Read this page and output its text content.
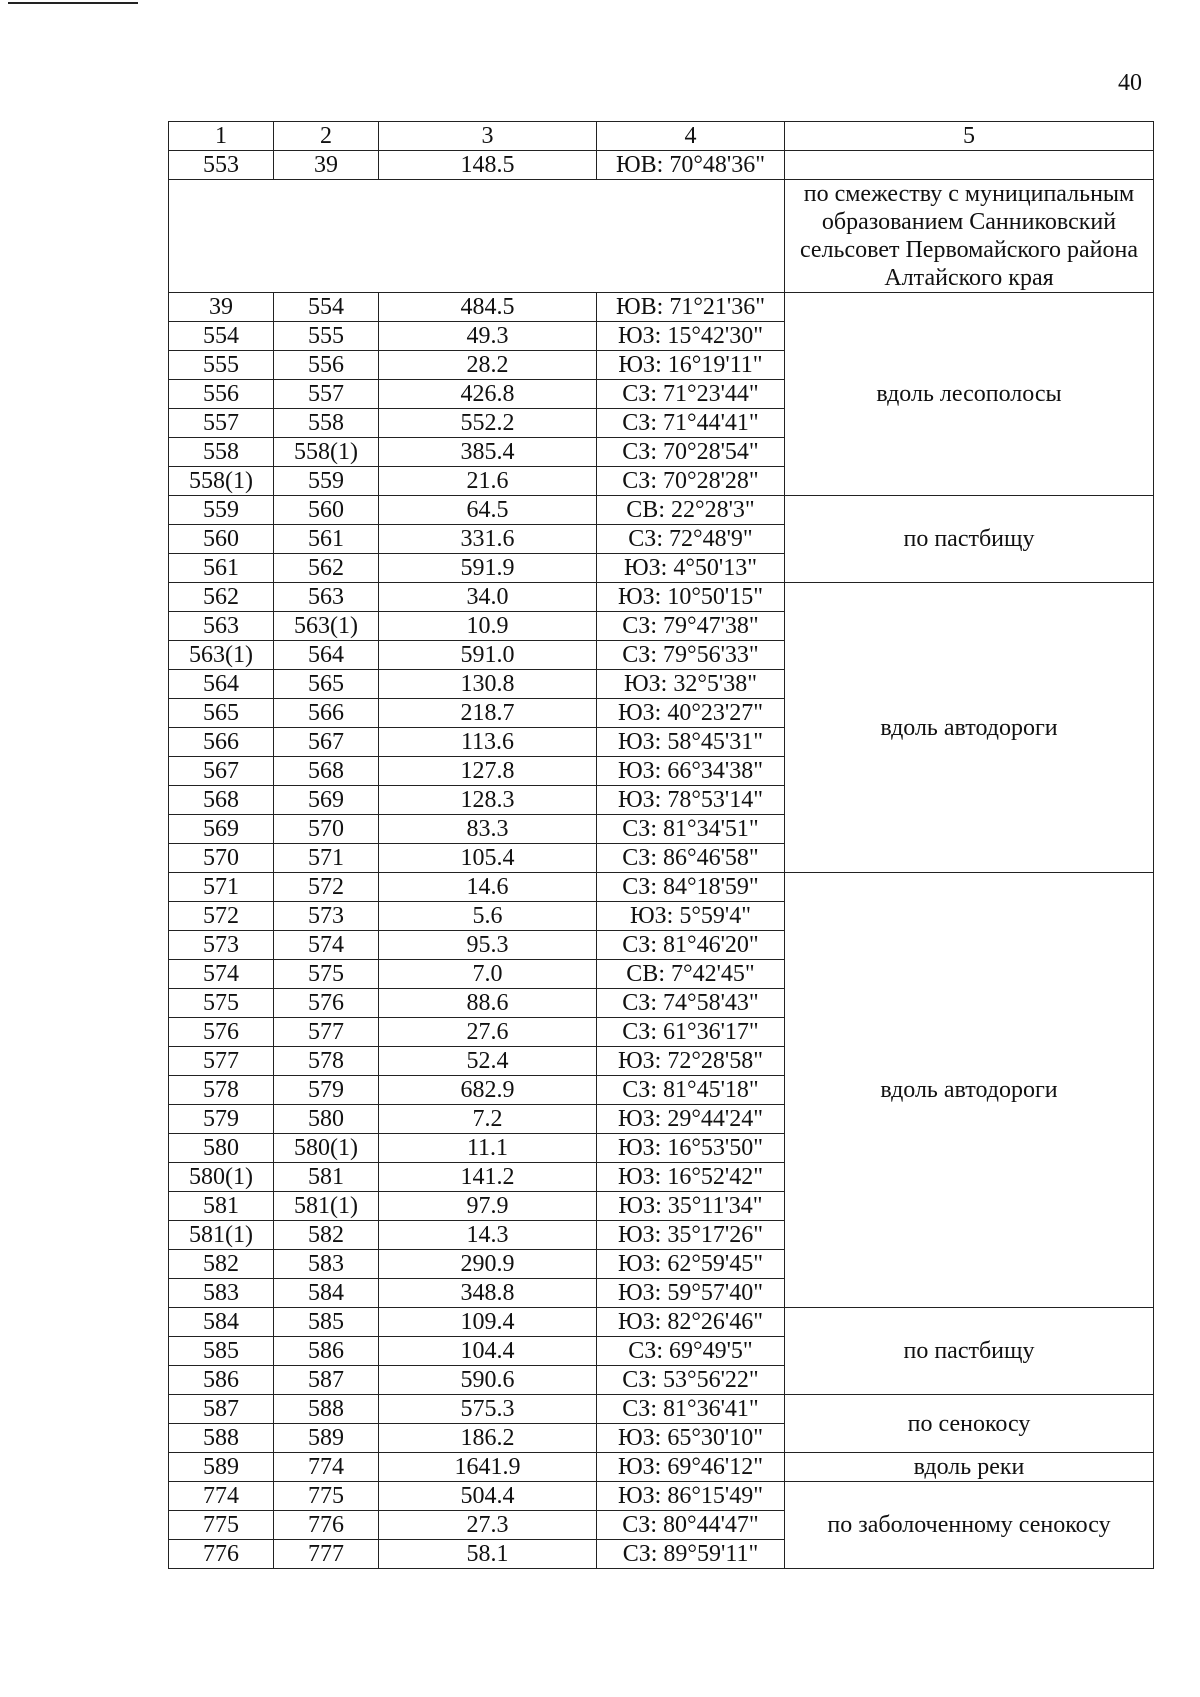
40
1	2	3	4	5
553	39	148.5	ЮВ: 70°48'36"	
				по смежеству с муниципальным образованием Санниковский сельсовет Первомайского района Алтайского края
39	554	484.5	ЮВ: 71°21'36"	вдоль лесополосы
554	555	49.3	ЮЗ: 15°42'30"	
555	556	28.2	ЮЗ: 16°19'11"	
556	557	426.8	СЗ: 71°23'44"	
557	558	552.2	СЗ: 71°44'41"	
558	558(1)	385.4	СЗ: 70°28'54"	
558(1)	559	21.6	СЗ: 70°28'28"	
559	560	64.5	СВ: 22°28'3"	по пастбищу
560	561	331.6	СЗ: 72°48'9"	
561	562	591.9	ЮЗ: 4°50'13"	
562	563	34.0	ЮЗ: 10°50'15"	вдоль автодороги
563	563(1)	10.9	СЗ: 79°47'38"	
563(1)	564	591.0	СЗ: 79°56'33"	
564	565	130.8	ЮЗ: 32°5'38"	
565	566	218.7	ЮЗ: 40°23'27"	
566	567	113.6	ЮЗ: 58°45'31"	
567	568	127.8	ЮЗ: 66°34'38"	
568	569	128.3	ЮЗ: 78°53'14"	
569	570	83.3	СЗ: 81°34'51"	
570	571	105.4	СЗ: 86°46'58"	
571	572	14.6	СЗ: 84°18'59"	вдоль автодороги
572	573	5.6	ЮЗ: 5°59'4"	
573	574	95.3	СЗ: 81°46'20"	
574	575	7.0	СВ: 7°42'45"	
575	576	88.6	СЗ: 74°58'43"	
576	577	27.6	СЗ: 61°36'17"	
577	578	52.4	ЮЗ: 72°28'58"	
578	579	682.9	СЗ: 81°45'18"	
579	580	7.2	ЮЗ: 29°44'24"	
580	580(1)	11.1	ЮЗ: 16°53'50"	
580(1)	581	141.2	ЮЗ: 16°52'42"	
581	581(1)	97.9	ЮЗ: 35°11'34"	
581(1)	582	14.3	ЮЗ: 35°17'26"	
582	583	290.9	ЮЗ: 62°59'45"	
583	584	348.8	ЮЗ: 59°57'40"	
584	585	109.4	ЮЗ: 82°26'46"	по пастбищу
585	586	104.4	СЗ: 69°49'5"	
586	587	590.6	СЗ: 53°56'22"	
587	588	575.3	СЗ: 81°36'41"	по сенокосу
588	589	186.2	ЮЗ: 65°30'10"	
589	774	1641.9	ЮЗ: 69°46'12"	вдоль реки
774	775	504.4	ЮЗ: 86°15'49"	по заболоченному сенокосу
775	776	27.3	СЗ: 80°44'47"	
776	777	58.1	СЗ: 89°59'11"	
